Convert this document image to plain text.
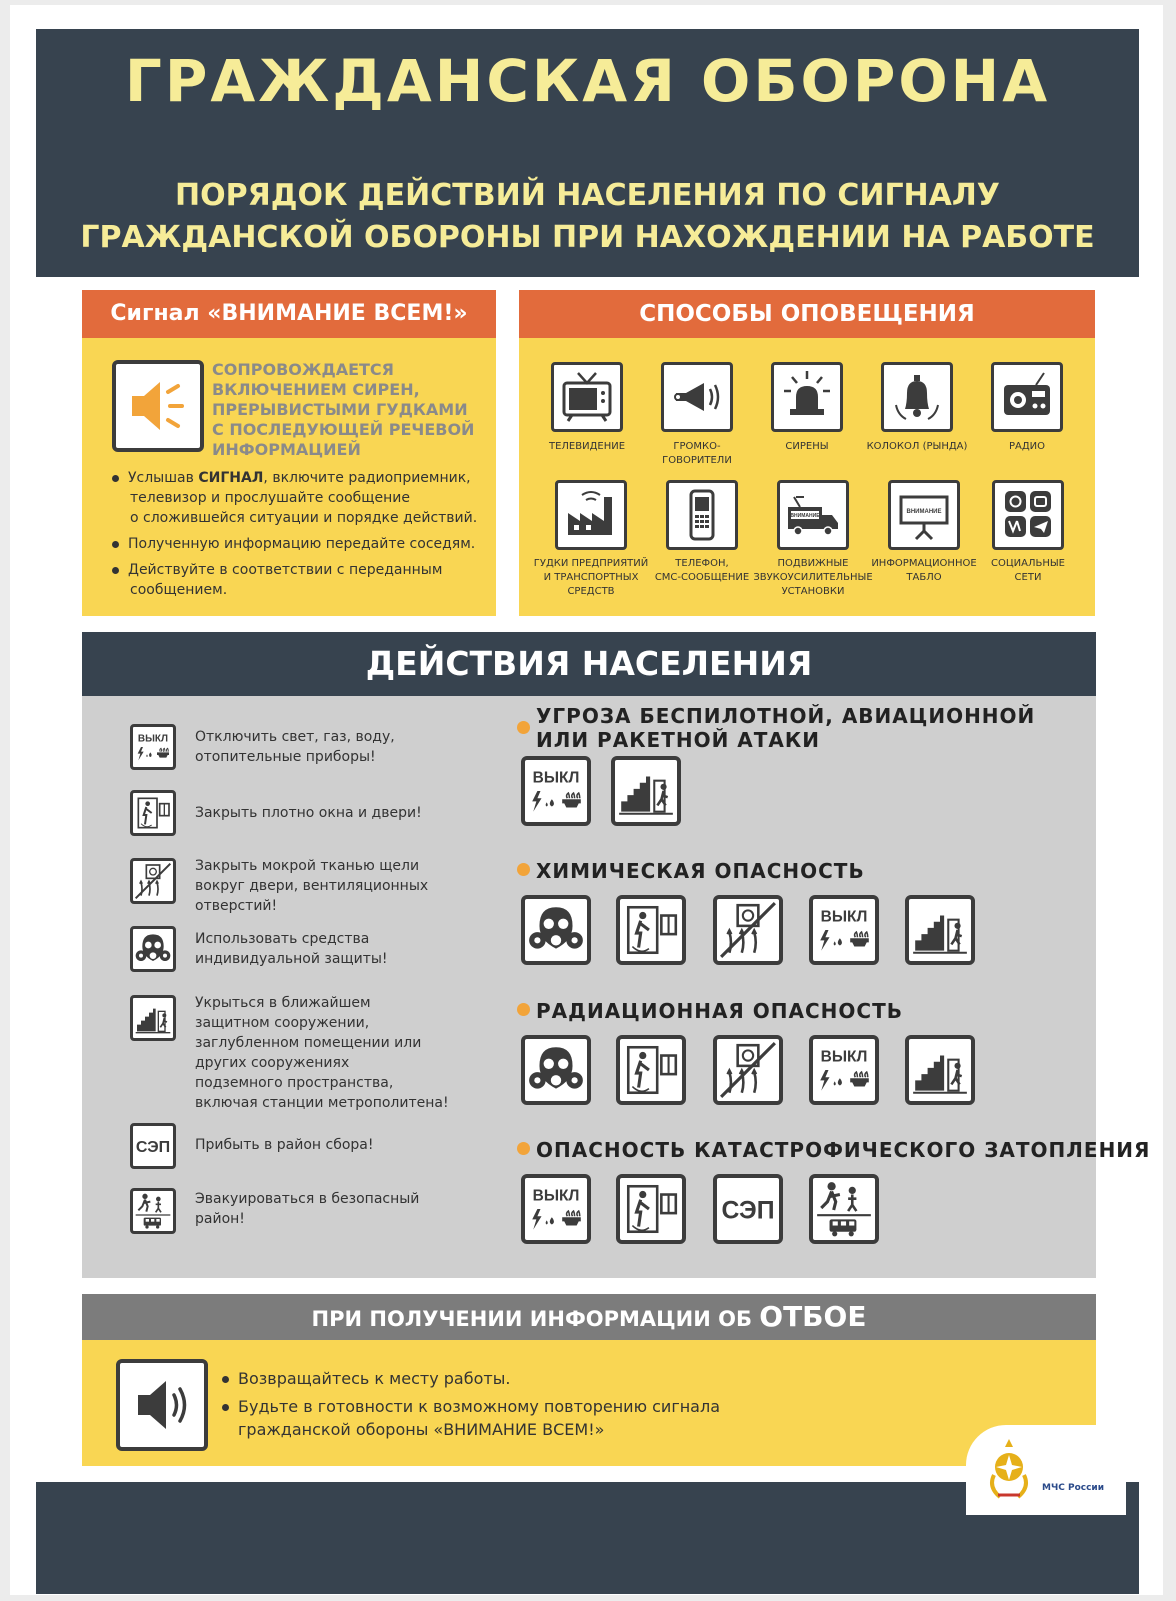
ГРАЖДАНСКАЯ ОБОРОНА
ПОРЯДОК ДЕЙСТВИЙ НАСЕЛЕНИЯ ПО СИГНАЛУ
ГРАЖДАНСКОЙ ОБОРОНЫ ПРИ НАХОЖДЕНИИ НА РАБОТЕ
Сигнал «ВНИМАНИЕ ВСЕМ!»
СОПРОВОЖДАЕТСЯ
ВКЛЮЧЕНИЕМ СИРЕН,
ПРЕРЫВИСТЫМИ ГУДКАМИ
С ПОСЛЕДУЮЩЕЙ РЕЧЕВОЙ
ИНФОРМАЦИЕЙ
Услышав СИГНАЛ, включите радиоприемник,
телевизор и прослушайте сообщение
о сложившейся ситуации и порядке действий.
Полученную информацию передайте соседям.
Действуйте в соответствии с переданным
сообщением.
СПОСОБЫ ОПОВЕЩЕНИЯ
ТЕЛЕВИДЕНИЕ	ГРОМКО-
ГОВОРИТЕЛИ
СИРЕНЫ	КОЛОКОЛ (РЫНДА)	РАДИО
ВНИМАНИЕ
ВНИМАНИЕ
ГУДКИ ПРЕДПРИЯТИЙ
И ТРАНСПОРТНЫХ
СРЕДСТВ
ТЕЛЕФОН,
СМС-СООБЩЕНИЕ
ПОДВИЖНЫЕ
ЗВУКОУСИЛИТЕЛЬНЫЕ
УСТАНОВКИ
ИНФОРМАЦИОННОЕ
ТАБЛО
СОЦИАЛЬНЫЕ
СЕТИ
ДЕЙСТВИЯ НАСЕЛЕНИЯ
Отключить свет, газ, воду,
отопительные приборы!
Закрыть плотно окна и двери!
Закрыть мокрой тканью щели
вокруг двери, вентиляционных
отверстий!
Использовать средства
индивидуальной защиты!
Укрыться в ближайшем
защитном сооружении,
заглубленном помещении или
других сооружениях
подземного пространства,
включая станции метрополитена!
Прибыть в район сбора!
Эвакуироваться в безопасный
район!
УГРОЗА БЕСПИЛОТНОЙ, АВИАЦИОННОЙ
ИЛИ РАКЕТНОЙ АТАКИ
ХИМИЧЕСКАЯ ОПАСНОСТЬ
РАДИАЦИОННАЯ ОПАСНОСТЬ
ОПАСНОСТЬ КАТАСТРОФИЧЕСКОГО ЗАТОПЛЕНИЯ
ПРИ ПОЛУЧЕНИИ ИНФОРМАЦИИ ОБ ОТБОЕ
Возвращайтесь к месту работы.
Будьте в готовности к возможному повторению сигнала
гражданской обороны «ВНИМАНИЕ ВСЕМ!»
МЧС России
